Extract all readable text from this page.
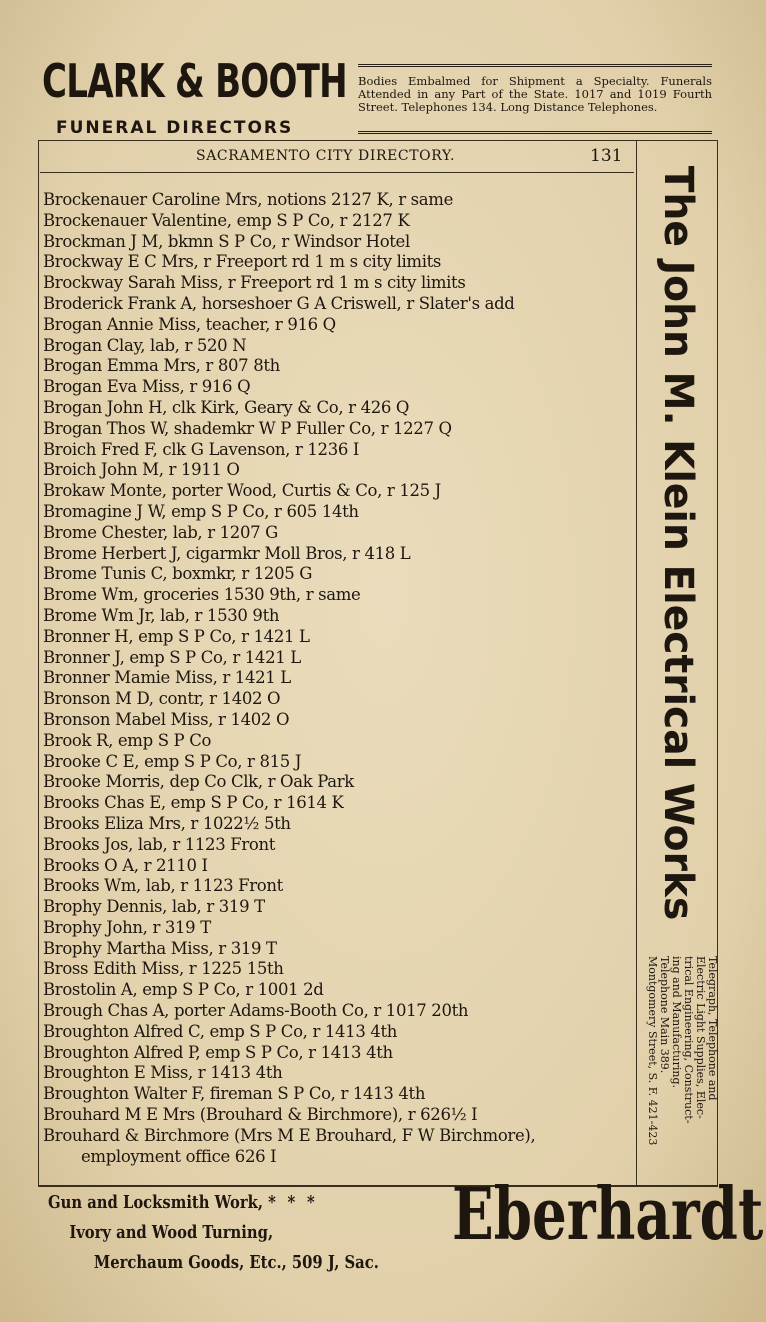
CLARK & BOOTH
FUNERAL DIRECTORS

Bodies Embalmed for Shipment a Specialty. Funerals Attended in any Part of the State. 1017 and 1019 Fourth Street. Telephones 134. Long Distance Telephones.

SACRAMENTO CITY DIRECTORY.	131
Brockenauer Caroline Mrs, notions 2127 K, r same
Brockenauer Valentine, emp S P Co, r 2127 K
Brockman J M, bkmn S P Co, r Windsor Hotel
Brockway E C Mrs, r Freeport rd 1 m s city limits
Brockway Sarah Miss, r Freeport rd 1 m s city limits
Broderick Frank A, horseshoer G A Criswell, r Slater's add
Brogan Annie Miss, teacher, r 916 Q
Brogan Clay, lab, r 520 N
Brogan Emma Mrs, r 807 8th
Brogan Eva Miss, r 916 Q
Brogan John H, clk Kirk, Geary & Co, r 426 Q
Brogan Thos W, shademkr W P Fuller Co, r 1227 Q
Broich Fred F, clk G Lavenson, r 1236 I
Broich John M, r 1911 O
Brokaw Monte, porter Wood, Curtis & Co, r 125 J
Bromagine J W, emp S P Co, r 605 14th
Brome Chester, lab, r 1207 G
Brome Herbert J, cigarmkr Moll Bros, r 418 L
Brome Tunis C, boxmkr, r 1205 G
Brome Wm, groceries 1530 9th, r same
Brome Wm Jr, lab, r 1530 9th
Bronner H, emp S P Co, r 1421 L
Bronner J, emp S P Co, r 1421 L
Bronner Mamie Miss, r 1421 L
Bronson M D, contr, r 1402 O
Bronson Mabel Miss, r 1402 O
Brook R, emp S P Co
Brooke C E, emp S P Co, r 815 J
Brooke Morris, dep Co Clk, r Oak Park
Brooks Chas E, emp S P Co, r 1614 K
Brooks Eliza Mrs, r 1022½ 5th
Brooks Jos, lab, r 1123 Front
Brooks O A, r 2110 I
Brooks Wm, lab, r 1123 Front
Brophy Dennis, lab, r 319 T
Brophy John, r 319 T
Brophy Martha Miss, r 319 T
Bross Edith Miss, r 1225 15th
Brostolin A, emp S P Co, r 1001 2d
Brough Chas A, porter Adams-Booth Co, r 1017 20th
Broughton Alfred C, emp S P Co, r 1413 4th
Broughton Alfred P, emp S P Co, r 1413 4th
Broughton E Miss, r 1413 4th
Broughton Walter F, fireman S P Co, r 1413 4th
Brouhard M E Mrs (Brouhard & Birchmore), r 626½ I
Brouhard & Birchmore (Mrs M E Brouhard, F W Birchmore),
employment office 626 I
The John M. Klein Electrical Works
Telegraph, Telephone and
Electric Light Supplies, Elec-
trical Engineering, Construct-
ing and Manufacturing.
Telephone Main 389.
Montgomery Street, S. F. 421-423
Gun and Locksmith Work, * * *
Ivory and Wood Turning,
Merchaum Goods, Etc., 509 J, Sac.
Eberhardt
